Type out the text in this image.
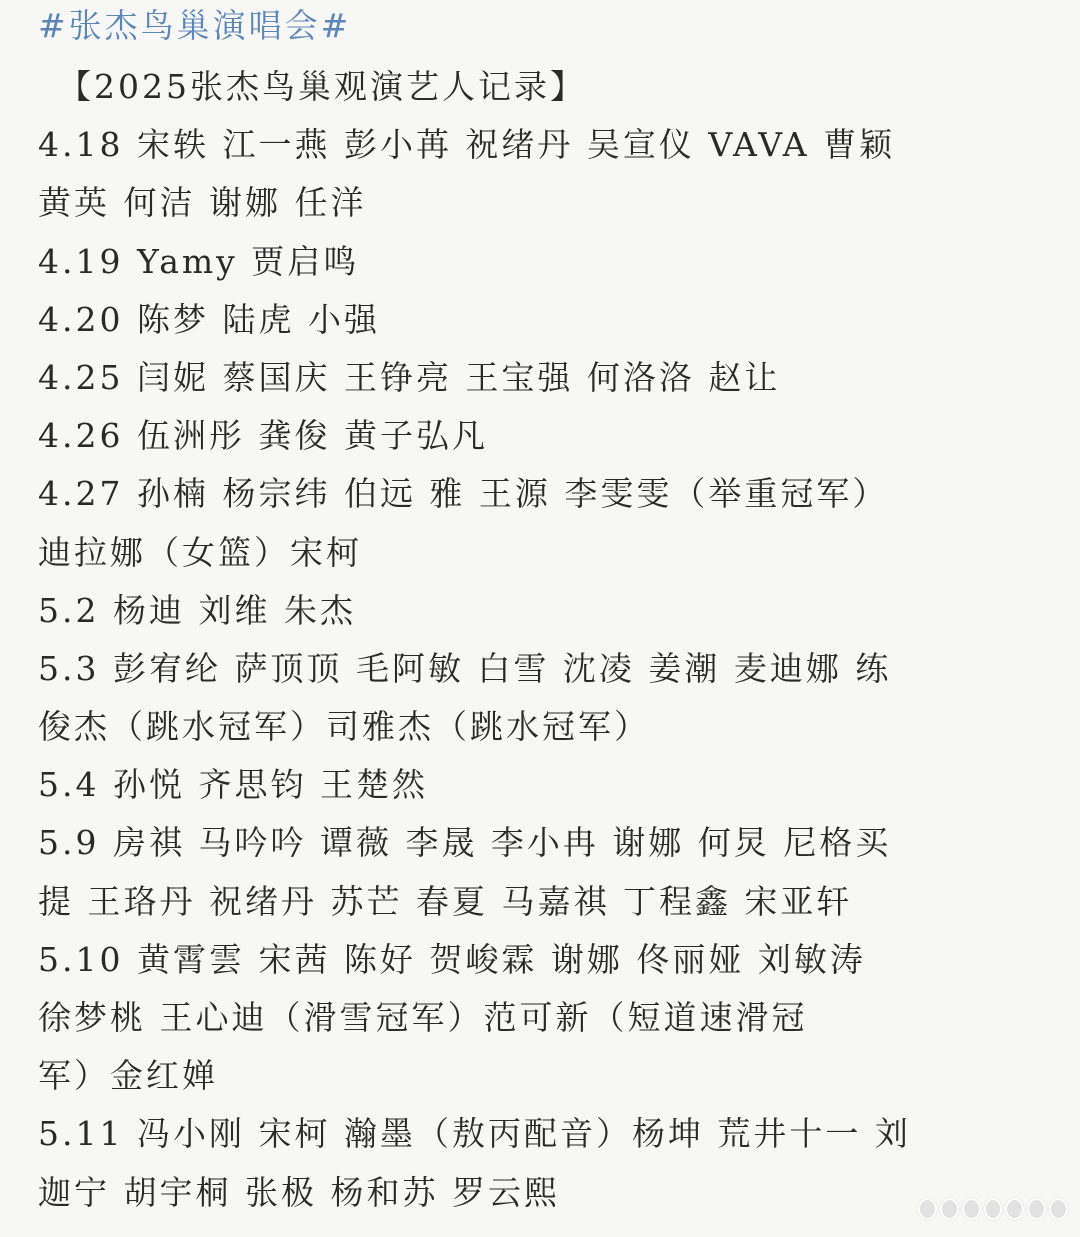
#张杰鸟巢演唱会#
【2025张杰鸟巢观演艺人记录】
4.18 宋轶 江一燕 彭小苒 祝绪丹 吴宣仪 VAVA 曹颖
黄英 何洁 谢娜 任洋
4.19 Yamy 贾启鸣
4.20 陈梦 陆虎 小强
4.25 闫妮 蔡国庆 王铮亮 王宝强 何洛洛 赵让
4.26 伍洲彤 龚俊 黄子弘凡
4.27 孙楠 杨宗纬 伯远 雅 王源 李雯雯（举重冠军）
迪拉娜（女篮）宋柯
5.2 杨迪 刘维 朱杰
5.3 彭宥纶 萨顶顶 毛阿敏 白雪 沈凌 姜潮 麦迪娜 练
俊杰（跳水冠军）司雅杰（跳水冠军）
5.4 孙悦 齐思钧 王楚然
5.9 房祺 马吟吟 谭薇 李晟 李小冉 谢娜 何炅 尼格买
提 王珞丹 祝绪丹 苏芒 春夏 马嘉祺 丁程鑫 宋亚轩
5.10 黄霄雲 宋茜 陈好 贺峻霖 谢娜 佟丽娅 刘敏涛
徐梦桃 王心迪（滑雪冠军）范可新（短道速滑冠
军）金红婵
5.11 冯小刚 宋柯 瀚墨（敖丙配音）杨坤 荒井十一 刘
迦宁 胡宇桐 张极 杨和苏 罗云熙
